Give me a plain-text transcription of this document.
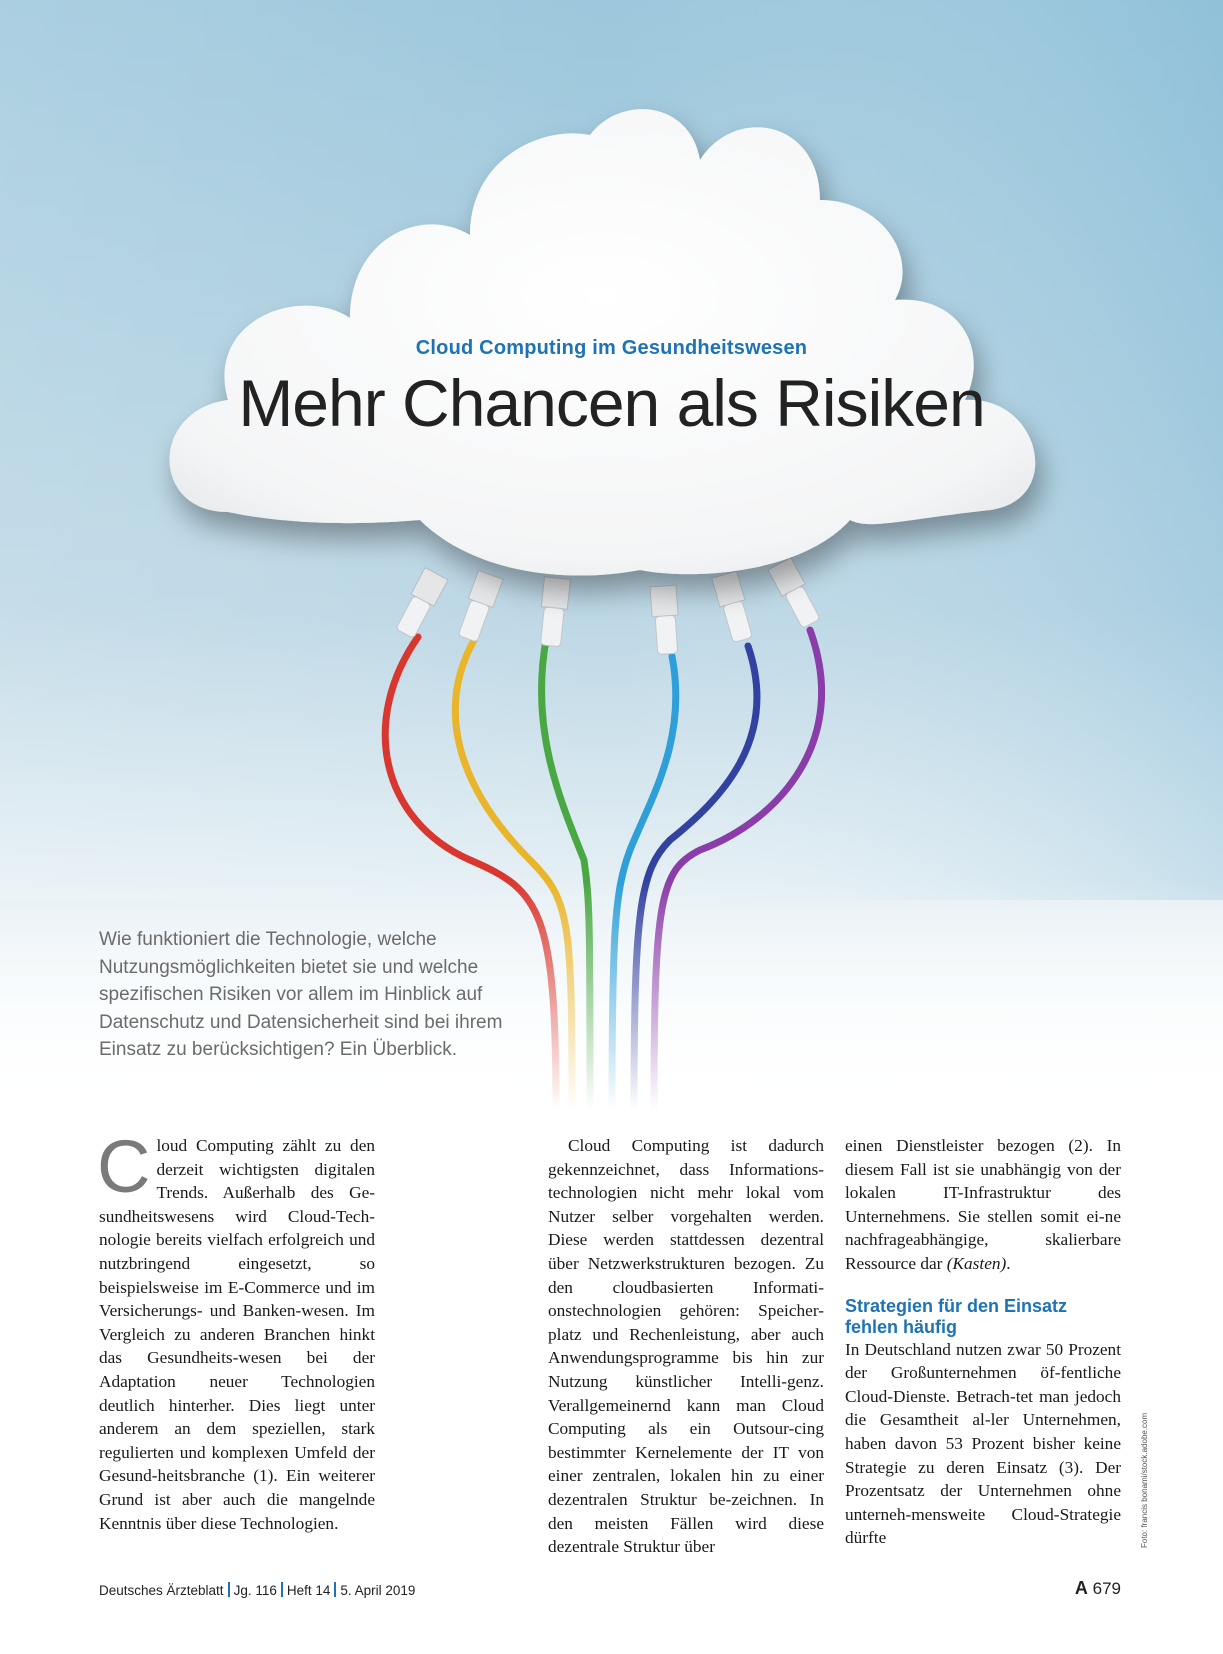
Cloud Computing im Gesundheitswesen
Mehr Chancen als Risiken
Wie funktioniert die Technologie, welche Nutzungsmöglichkeiten bietet sie und welche spezifischen Risiken vor allem im Hinblick auf Datenschutz und Datensicherheit sind bei ihrem Einsatz zu berücksichtigen? Ein Überblick.

Cloud Computing zählt zu den derzeit wichtigsten digitalen Trends. Außerhalb des Ge-sundheitswesens wird Cloud-Tech-nologie bereits vielfach erfolgreich und nutzbringend eingesetzt, so beispielsweise im E-Commerce und im Versicherungs- und Banken-wesen. Im Vergleich zu anderen Branchen hinkt das Gesundheits-wesen bei der Adaptation neuer Technologien deutlich hinterher. Dies liegt unter anderem an dem speziellen, stark regulierten und komplexen Umfeld der Gesund-heitsbranche (1). Ein weiterer Grund ist aber auch die mangelnde Kenntnis über diese Technologien.

Cloud Computing ist dadurch gekennzeichnet, dass Informations-technologien nicht mehr lokal vom Nutzer selber vorgehalten werden. Diese werden stattdessen dezentral über Netzwerkstrukturen bezogen. Zu den cloudbasierten Informati-onstechnologien gehören: Speicher-platz und Rechenleistung, aber auch Anwendungsprogramme bis hin zur Nutzung künstlicher Intelli-genz. Verallgemeinernd kann man Cloud Computing als ein Outsour-cing bestimmter Kernelemente der IT von einer zentralen, lokalen hin zu einer dezentralen Struktur be-zeichnen. In den meisten Fällen wird diese dezentrale Struktur über

einen Dienstleister bezogen (2). In diesem Fall ist sie unabhängig von der lokalen IT-Infrastruktur des Unternehmens. Sie stellen somit ei-ne nachfrageabhängige, skalierbare Ressource dar (Kasten).

Strategien für den Einsatz fehlen häufig

In Deutschland nutzen zwar 50 Prozent der Großunternehmen öf-fentliche Cloud-Dienste. Betrach-tet man jedoch die Gesamtheit al-ler Unternehmen, haben davon 53 Prozent bisher keine Strategie zu deren Einsatz (3). Der Prozentsatz der Unternehmen ohne unterneh-mensweite Cloud-Strategie dürfte	Foto: francis bonami/stock.adobe.com
Deutsches Ärzteblatt Jg. 116 Heft 14 5. April 2019	A 679
